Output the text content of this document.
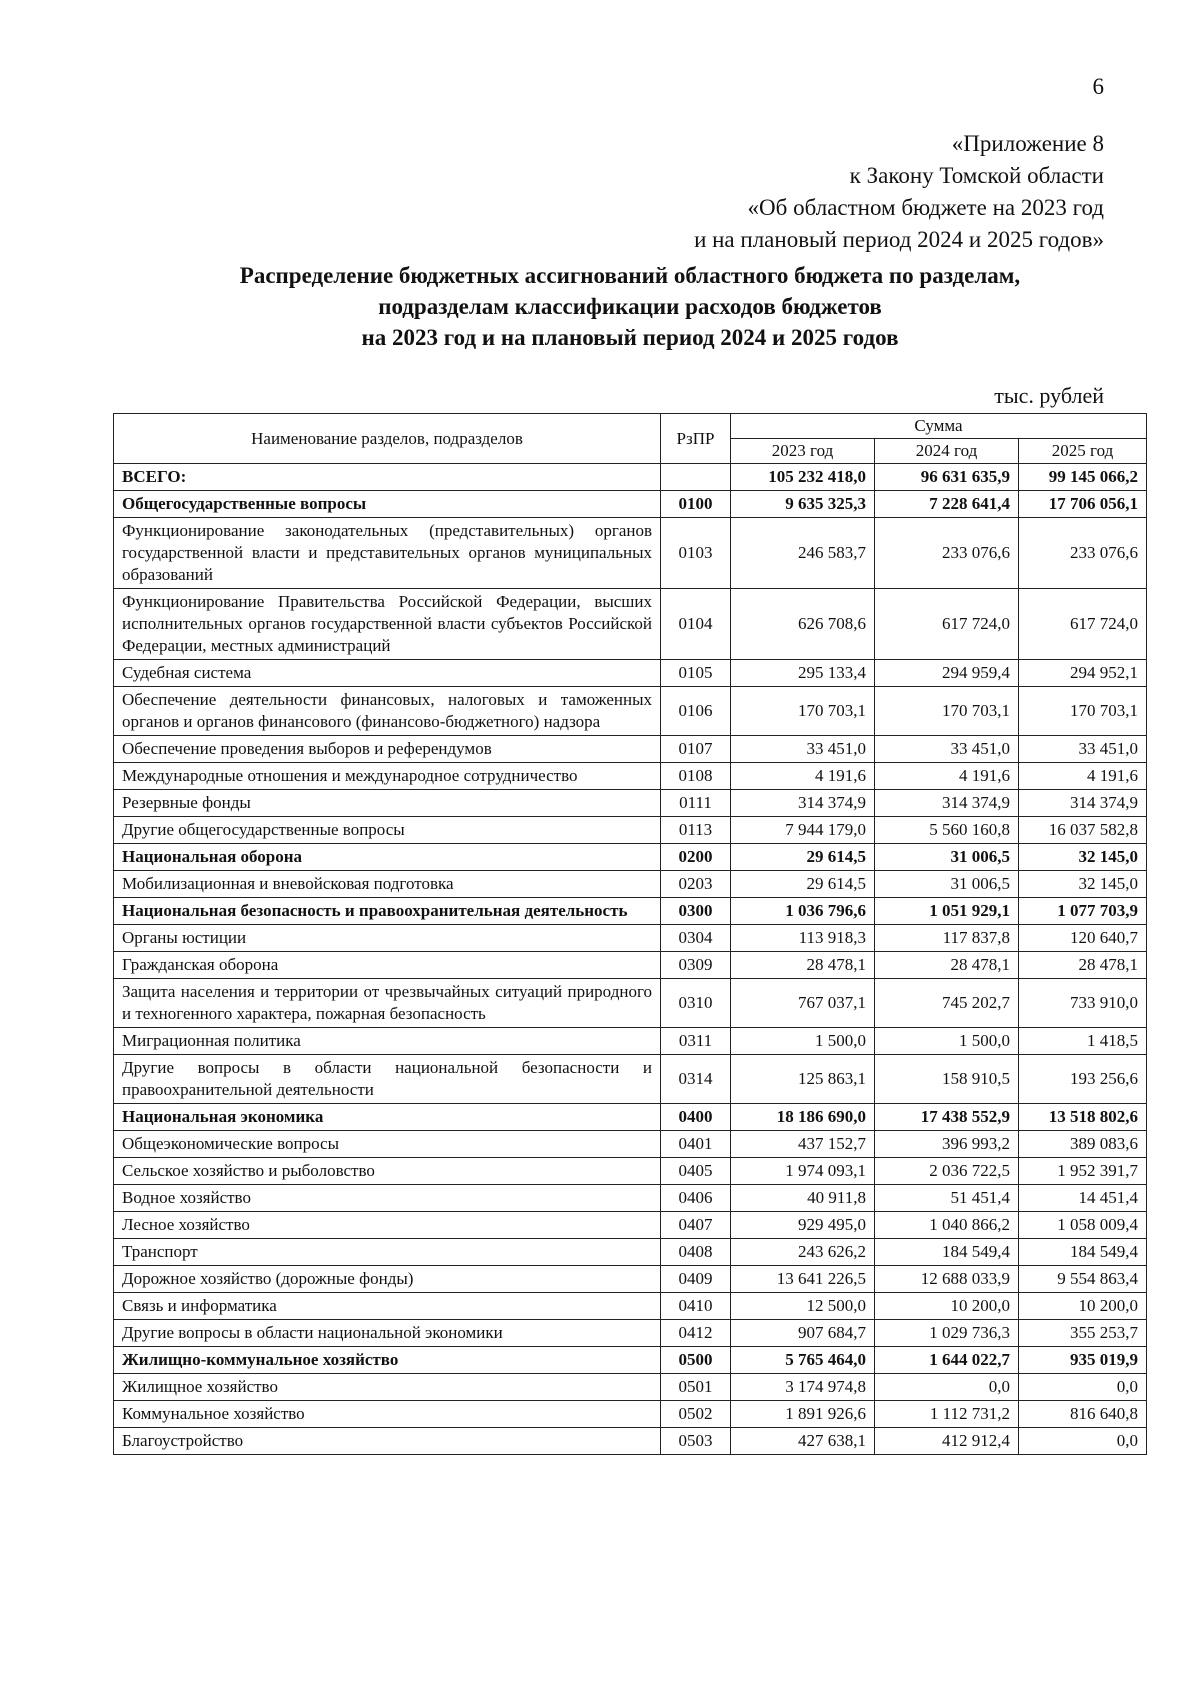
6
«Приложение 8
к Закону Томской области
«Об областном бюджете на 2023 год
и на плановый период 2024 и 2025 годов»
Распределение бюджетных ассигнований областного бюджета по разделам,
подразделам классификации расходов бюджетов
на 2023 год и на плановый период 2024 и 2025 годов
тыс. рублей
Наименование разделов, подразделов	РзПР	Сумма		
		2023 год	2024 год	2025 год
ВСЕГО:		105 232 418,0	96 631 635,9	99 145 066,2
Общегосударственные вопросы	0100	9 635 325,3	7 228 641,4	17 706 056,1
Функционирование законодательных (представительных) органов государственной власти и представительных органов муниципальных образований	0103	246 583,7	233 076,6	233 076,6
Функционирование Правительства Российской Федерации, высших исполнительных органов государственной власти субъектов Российской Федерации, местных администраций	0104	626 708,6	617 724,0	617 724,0
Судебная система	0105	295 133,4	294 959,4	294 952,1
Обеспечение деятельности финансовых, налоговых и таможенных органов и органов финансового (финансово-бюджетного) надзора	0106	170 703,1	170 703,1	170 703,1
Обеспечение проведения выборов и референдумов	0107	33 451,0	33 451,0	33 451,0
Международные отношения и международное сотрудничество	0108	4 191,6	4 191,6	4 191,6
Резервные фонды	0111	314 374,9	314 374,9	314 374,9
Другие общегосударственные вопросы	0113	7 944 179,0	5 560 160,8	16 037 582,8
Национальная оборона	0200	29 614,5	31 006,5	32 145,0
Мобилизационная и вневойсковая подготовка	0203	29 614,5	31 006,5	32 145,0
Национальная безопасность и правоохранительная деятельность	0300	1 036 796,6	1 051 929,1	1 077 703,9
Органы юстиции	0304	113 918,3	117 837,8	120 640,7
Гражданская оборона	0309	28 478,1	28 478,1	28 478,1
Защита населения и территории от чрезвычайных ситуаций природного и техногенного характера, пожарная безопасность	0310	767 037,1	745 202,7	733 910,0
Миграционная политика	0311	1 500,0	1 500,0	1 418,5
Другие вопросы в области национальной безопасности и правоохранительной деятельности	0314	125 863,1	158 910,5	193 256,6
Национальная экономика	0400	18 186 690,0	17 438 552,9	13 518 802,6
Общеэкономические вопросы	0401	437 152,7	396 993,2	389 083,6
Сельское хозяйство и рыболовство	0405	1 974 093,1	2 036 722,5	1 952 391,7
Водное хозяйство	0406	40 911,8	51 451,4	14 451,4
Лесное хозяйство	0407	929 495,0	1 040 866,2	1 058 009,4
Транспорт	0408	243 626,2	184 549,4	184 549,4
Дорожное хозяйство (дорожные фонды)	0409	13 641 226,5	12 688 033,9	9 554 863,4
Связь и информатика	0410	12 500,0	10 200,0	10 200,0
Другие вопросы в области национальной экономики	0412	907 684,7	1 029 736,3	355 253,7
Жилищно-коммунальное хозяйство	0500	5 765 464,0	1 644 022,7	935 019,9
Жилищное хозяйство	0501	3 174 974,8	0,0	0,0
Коммунальное хозяйство	0502	1 891 926,6	1 112 731,2	816 640,8
Благоустройство	0503	427 638,1	412 912,4	0,0
